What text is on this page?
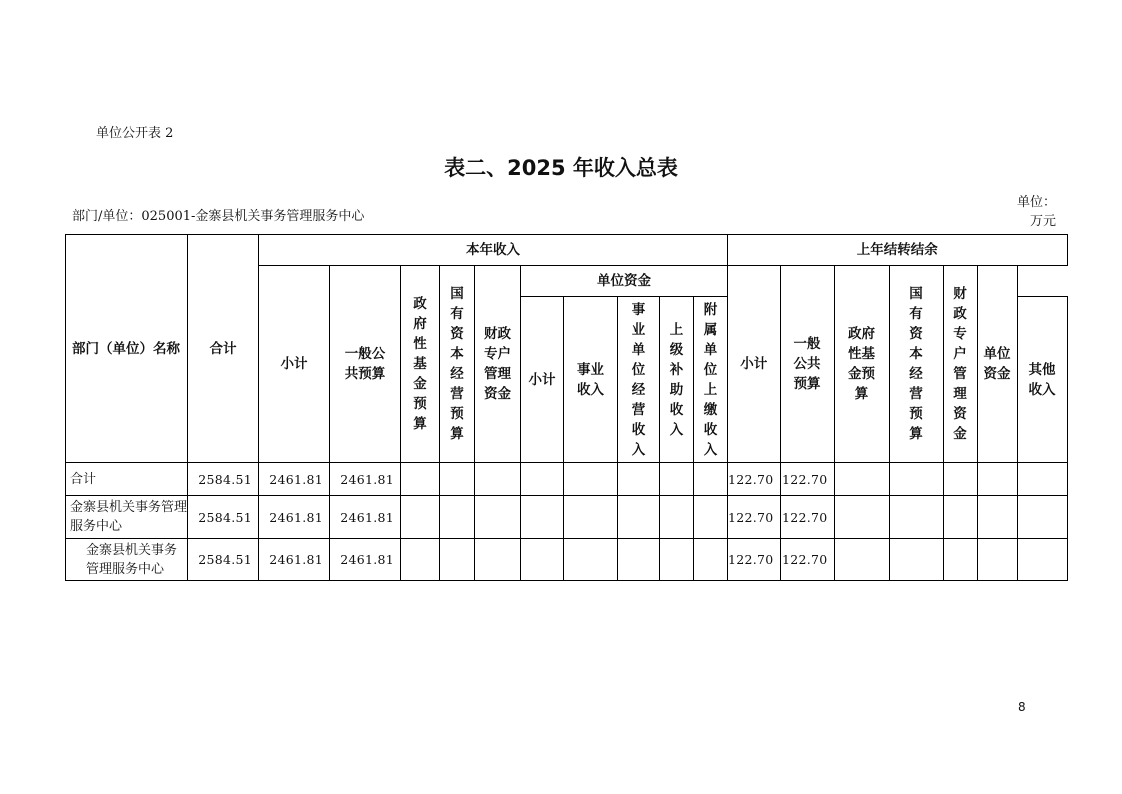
单位公开表 2
表二、2025 年收入总表
部门/单位：025001-金寨县机关事务管理服务中心
单位：万元
部门（单位）名称	合计	本年收入										上年结转结余						
		小计	一般公共预算	政府性基金预算	国有资本经营预算	财政专户管理资金	单位资金					小计	一般公共预算	政府性基金预算	国有资本经营预算	财政专户管理资金	单位资金	
							小计	事业收入	事业单位经营收入	上级补助收入	附属单位上缴收入							其他收入
合计	2584.51	2461.81	2461.81									122.70	122.70					
金寨县机关事务管理服务中心	2584.51	2461.81	2461.81									122.70	122.70					
金寨县机关事务管理服务中心	2584.51	2461.81	2461.81									122.70	122.70					
8
